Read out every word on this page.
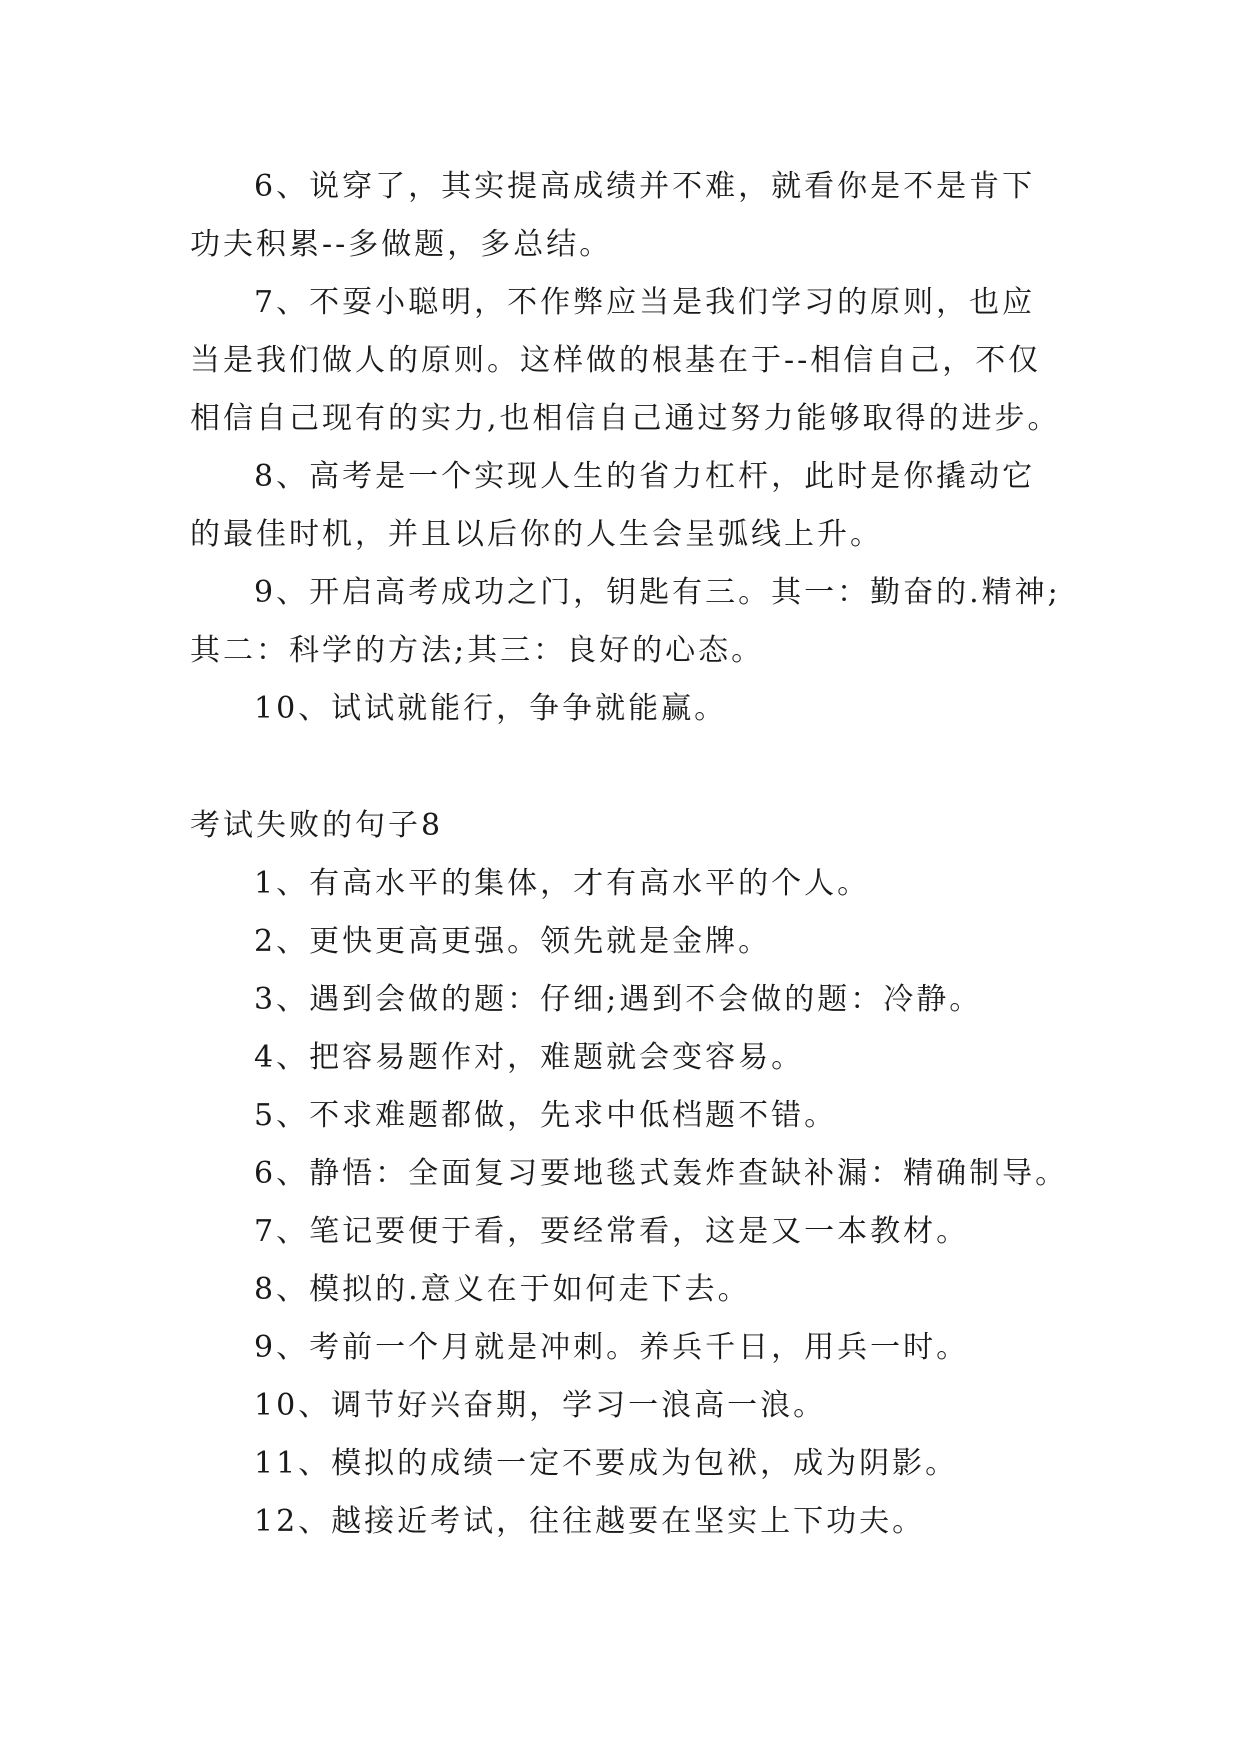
6、说穿了，其实提高成绩并不难，就看你是不是肯下功夫积累--多做题，多总结。

7、不耍小聪明，不作弊应当是我们学习的原则，也应当是我们做人的原则。这样做的根基在于--相信自己，不仅相信自己现有的实力,也相信自己通过努力能够取得的进步。

8、高考是一个实现人生的省力杠杆，此时是你撬动它的最佳时机，并且以后你的人生会呈弧线上升。

9、开启高考成功之门，钥匙有三。其一：勤奋的.精神;其二：科学的方法;其三：良好的心态。

10、试试就能行，争争就能赢。

考试失败的句子8

1、有高水平的集体，才有高水平的个人。

2、更快更高更强。领先就是金牌。

3、遇到会做的题：仔细;遇到不会做的题：冷静。

4、把容易题作对，难题就会变容易。

5、不求难题都做，先求中低档题不错。

6、静悟：全面复习要地毯式轰炸查缺补漏：精确制导。

7、笔记要便于看，要经常看，这是又一本教材。

8、模拟的.意义在于如何走下去。

9、考前一个月就是冲刺。养兵千日，用兵一时。

10、调节好兴奋期，学习一浪高一浪。

11、模拟的成绩一定不要成为包袱，成为阴影。

12、越接近考试，往往越要在坚实上下功夫。
